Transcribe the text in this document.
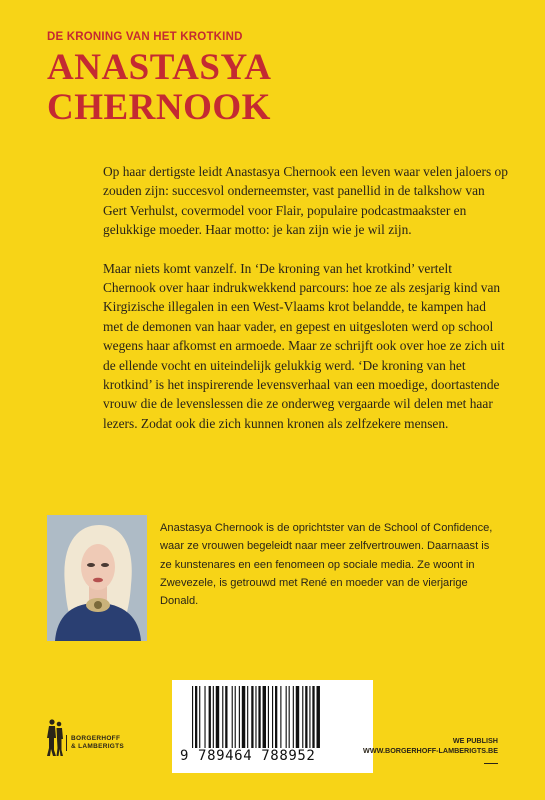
DE KRONING VAN HET KROTKIND
ANASTASYA
CHERNOOK

Op haar dertigste leidt Anastasya Chernook een leven waar velen jaloers op zouden zijn: succesvol onderneemster, vast panellid in de talkshow van Gert Verhulst, covermodel voor Flair, populaire podcastmaakster en gelukkige moeder. Haar motto: je kan zijn wie je wil zijn.

Maar niets komt vanzelf. In ‘De kroning van het krotkind’ vertelt Chernook over haar indrukwekkend parcours: hoe ze als zesjarig kind van Kirgizische illegalen in een West-Vlaams krot belandde, te kampen had met de demonen van haar vader, en gepest en uitgesloten werd op school wegens haar afkomst en armoede. Maar ze schrijft ook over hoe ze zich uit de ellende vocht en uiteindelijk gelukkig werd. ‘De kroning van het krotkind’ is het inspirerende levensverhaal van een moedige, doortastende vrouw die de levenslessen die ze onderweg vergaarde wil delen met haar lezers. Zodat ook die zich kunnen kronen als zelfzekere mensen.

Anastasya Chernook is de oprichtster van de School of Confidence, waar ze vrouwen begeleidt naar meer zelfvertrouwen. Daarnaast is ze kunstenares en een fenomeen op sociale media. Ze woont in Zwevezele, is getrouwd met René en moeder van de vierjarige Donald.
9 789464 788952
BORGERHOFF
& LAMBERIGTS
WE PUBLISH
WWW.BORGERHOFF-LAMBERIGTS.BE
